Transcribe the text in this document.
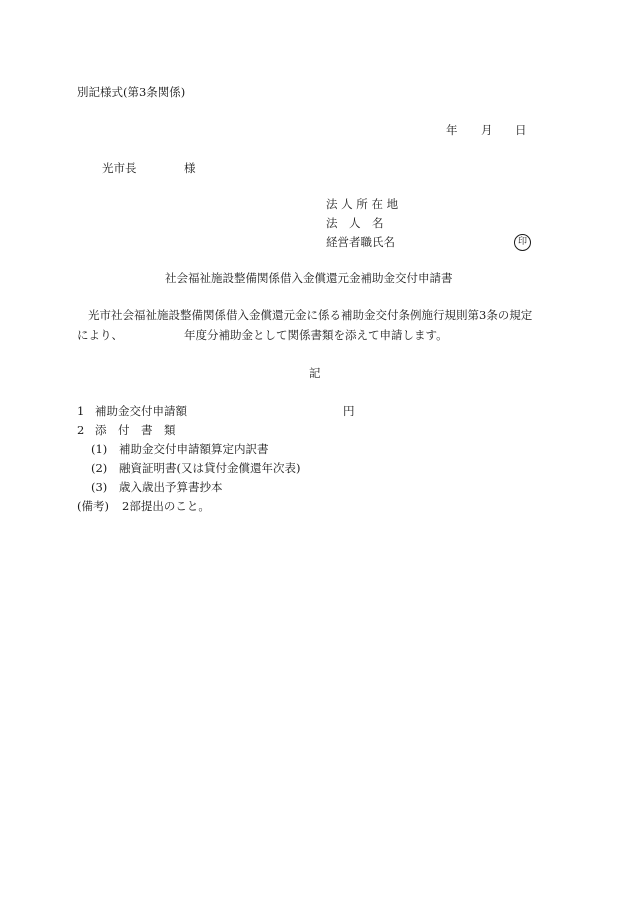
別記様式(第3条関係)
年 月 日
光市長	様
法 人 所 在 地
法　人　名
経営者職氏名	印
社会福祉施設整備関係借入金償還元金補助金交付申請書
光市社会福祉施設整備関係借入金償還元金に係る補助金交付条例施行規則第3条の規定
により、	年度分補助金として関係書類を添えて申請します。
記
1 補助金交付申請額	円
2 添　付　書　類
(1) 補助金交付申請額算定内訳書
(2) 融資証明書(又は貸付金償還年次表)
(3) 歳入歳出予算書抄本
(備考) 2部提出のこと。
